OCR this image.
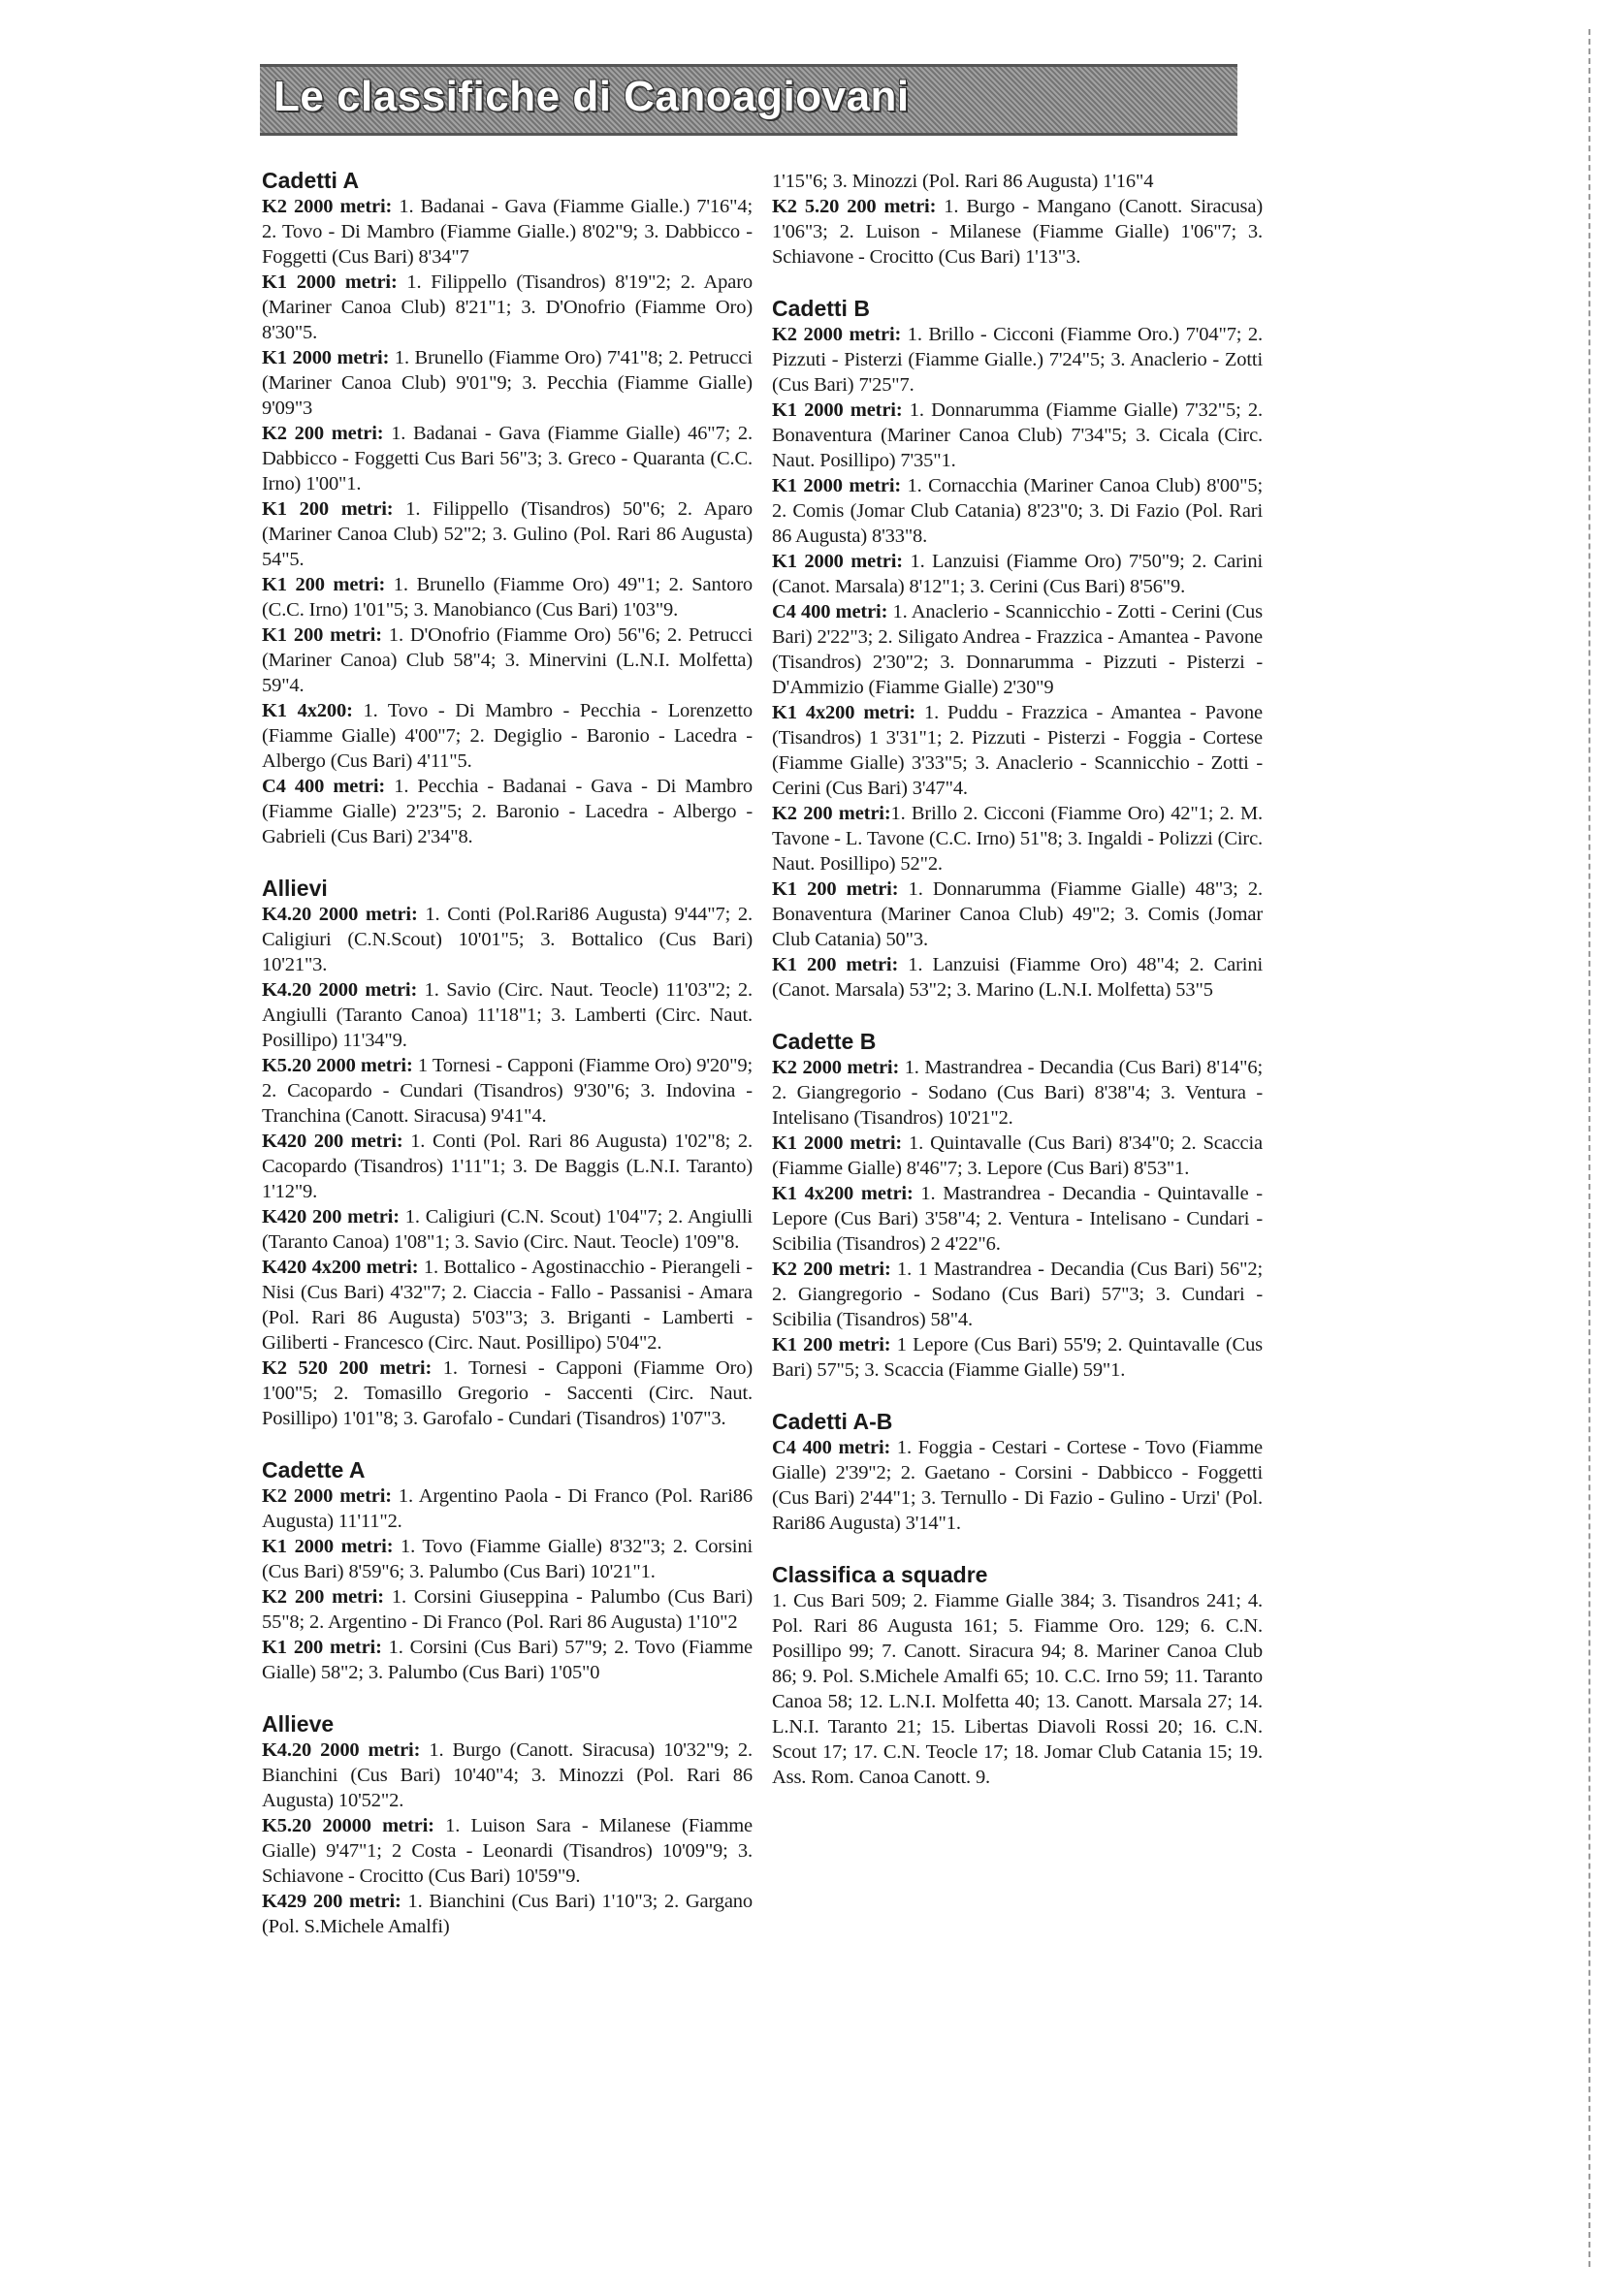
Le classifiche di Canoagiovani
Cadetti A

K2 2000 metri: 1. Badanai - Gava (Fiamme Gialle.) 7'16"4; 2. Tovo - Di Mambro (Fiamme Gialle.) 8'02"9; 3. Dabbicco - Foggetti (Cus Bari) 8'34"7

K1 2000 metri: 1. Filippello (Tisandros) 8'19"2; 2. Aparo (Mariner Canoa Club) 8'21"1; 3. D'Onofrio (Fiamme Oro) 8'30"5.

K1 2000 metri: 1. Brunello (Fiamme Oro) 7'41"8; 2. Petrucci (Mariner Canoa Club) 9'01"9; 3. Pecchia (Fiamme Gialle) 9'09"3

K2 200 metri: 1. Badanai - Gava (Fiamme Gialle) 46"7; 2. Dabbicco - Foggetti Cus Bari 56"3; 3. Greco - Quaranta (C.C. Irno) 1'00"1.

K1 200 metri: 1. Filippello (Tisandros) 50"6; 2. Aparo (Mariner Canoa Club) 52"2; 3. Gulino (Pol. Rari 86 Augusta) 54"5.

K1 200 metri: 1. Brunello (Fiamme Oro) 49"1; 2. Santoro (C.C. Irno) 1'01"5; 3. Manobianco (Cus Bari) 1'03"9.

K1 200 metri: 1. D'Onofrio (Fiamme Oro) 56"6; 2. Petrucci (Mariner Canoa) Club 58"4; 3. Minervini (L.N.I. Molfetta) 59"4.

K1 4x200: 1. Tovo - Di Mambro - Pecchia - Lorenzetto (Fiamme Gialle) 4'00"7; 2. Degiglio - Baronio - Lacedra - Albergo (Cus Bari) 4'11"5.

C4 400 metri: 1. Pecchia - Badanai - Gava - Di Mambro (Fiamme Gialle) 2'23"5; 2. Baronio - Lacedra - Albergo - Gabrieli (Cus Bari) 2'34"8.

Allievi

K4.20 2000 metri: 1. Conti (Pol.Rari86 Augusta) 9'44"7; 2. Caligiuri (C.N.Scout) 10'01"5; 3. Bottalico (Cus Bari) 10'21"3.

K4.20 2000 metri: 1. Savio (Circ. Naut. Teocle) 11'03"2; 2. Angiulli (Taranto Canoa) 11'18"1; 3. Lamberti (Circ. Naut. Posillipo) 11'34"9.

K5.20 2000 metri: 1 Tornesi - Capponi (Fiamme Oro) 9'20"9; 2. Cacopardo - Cundari (Tisandros) 9'30"6; 3. Indovina - Tranchina (Canott. Siracusa) 9'41"4.

K420 200 metri: 1. Conti (Pol. Rari 86 Augusta) 1'02"8; 2. Cacopardo (Tisandros) 1'11"1; 3. De Baggis (L.N.I. Taranto) 1'12"9.

K420 200 metri: 1. Caligiuri (C.N. Scout) 1'04"7; 2. Angiulli (Taranto Canoa) 1'08"1; 3. Savio (Circ. Naut. Teocle) 1'09"8.

K420 4x200 metri: 1. Bottalico - Agostinacchio - Pierangeli - Nisi (Cus Bari) 4'32"7; 2. Ciaccia - Fallo - Passanisi - Amara (Pol. Rari 86 Augusta) 5'03"3; 3. Briganti - Lamberti - Giliberti - Francesco (Circ. Naut. Posillipo) 5'04"2.

K2 520 200 metri: 1. Tornesi - Capponi (Fiamme Oro) 1'00"5; 2. Tomasillo Gregorio - Saccenti (Circ. Naut. Posillipo) 1'01"8; 3. Garofalo - Cundari (Tisandros) 1'07"3.

Cadette A

K2 2000 metri: 1. Argentino Paola - Di Franco (Pol. Rari86 Augusta) 11'11"2.

K1 2000 metri: 1. Tovo (Fiamme Gialle) 8'32"3; 2. Corsini (Cus Bari) 8'59"6; 3. Palumbo (Cus Bari) 10'21"1.

K2 200 metri: 1. Corsini Giuseppina - Palumbo (Cus Bari) 55"8; 2. Argentino - Di Franco (Pol. Rari 86 Augusta) 1'10"2

K1 200 metri: 1. Corsini (Cus Bari) 57"9; 2. Tovo (Fiamme Gialle) 58"2; 3. Palumbo (Cus Bari) 1'05"0

Allieve

K4.20 2000 metri: 1. Burgo (Canott. Siracusa) 10'32"9; 2. Bianchini (Cus Bari) 10'40"4; 3. Minozzi (Pol. Rari 86 Augusta) 10'52"2.

K5.20 20000 metri: 1. Luison Sara - Milanese (Fiamme Gialle) 9'47"1; 2 Costa - Leonardi (Tisandros) 10'09"9; 3. Schiavone - Crocitto (Cus Bari) 10'59"9.

K429 200 metri: 1. Bianchini (Cus Bari) 1'10"3; 2. Gargano (Pol. S.Michele Amalfi)

1'15"6; 3. Minozzi (Pol. Rari 86 Augusta) 1'16"4

K2 5.20 200 metri: 1. Burgo - Mangano (Canott. Siracusa) 1'06"3; 2. Luison - Milanese (Fiamme Gialle) 1'06"7; 3. Schiavone - Crocitto (Cus Bari) 1'13"3.

Cadetti B

K2 2000 metri: 1. Brillo - Cicconi (Fiamme Oro.) 7'04"7; 2. Pizzuti - Pisterzi (Fiamme Gialle.) 7'24"5; 3. Anaclerio - Zotti (Cus Bari) 7'25"7.

K1 2000 metri: 1. Donnarumma (Fiamme Gialle) 7'32"5; 2. Bonaventura (Mariner Canoa Club) 7'34"5; 3. Cicala (Circ. Naut. Posillipo) 7'35"1.

K1 2000 metri: 1. Cornacchia (Mariner Canoa Club) 8'00"5; 2. Comis (Jomar Club Catania) 8'23"0; 3. Di Fazio (Pol. Rari 86 Augusta) 8'33"8.

K1 2000 metri: 1. Lanzuisi (Fiamme Oro) 7'50"9; 2. Carini (Canot. Marsala) 8'12"1; 3. Cerini (Cus Bari) 8'56"9.

C4 400 metri: 1. Anaclerio - Scannicchio - Zotti - Cerini (Cus Bari) 2'22"3; 2. Siligato Andrea - Frazzica - Amantea - Pavone (Tisandros) 2'30"2; 3. Donnarumma - Pizzuti - Pisterzi - D'Ammizio (Fiamme Gialle) 2'30"9

K1 4x200 metri: 1. Puddu - Frazzica - Amantea - Pavone (Tisandros) 1 3'31"1; 2. Pizzuti - Pisterzi - Foggia - Cortese (Fiamme Gialle) 3'33"5; 3. Anaclerio - Scannicchio - Zotti - Cerini (Cus Bari) 3'47"4.

K2 200 metri:1. Brillo 2. Cicconi (Fiamme Oro) 42"1; 2. M. Tavone - L. Tavone (C.C. Irno) 51"8; 3. Ingaldi - Polizzi (Circ. Naut. Posillipo) 52"2.

K1 200 metri: 1. Donnarumma (Fiamme Gialle) 48"3; 2. Bonaventura (Mariner Canoa Club) 49"2; 3. Comis (Jomar Club Catania) 50"3.

K1 200 metri: 1. Lanzuisi (Fiamme Oro) 48"4; 2. Carini (Canot. Marsala) 53"2; 3. Marino (L.N.I. Molfetta) 53"5

Cadette B

K2 2000 metri: 1. Mastrandrea - Decandia (Cus Bari) 8'14"6; 2. Giangregorio - Sodano (Cus Bari) 8'38"4; 3. Ventura - Intelisano (Tisandros) 10'21"2.

K1 2000 metri: 1. Quintavalle (Cus Bari) 8'34"0; 2. Scaccia (Fiamme Gialle) 8'46"7; 3. Lepore (Cus Bari) 8'53"1.

K1 4x200 metri: 1. Mastrandrea - Decandia - Quintavalle - Lepore (Cus Bari) 3'58"4; 2. Ventura - Intelisano - Cundari - Scibilia (Tisandros) 2 4'22"6.

K2 200 metri: 1. 1 Mastrandrea - Decandia (Cus Bari) 56"2; 2. Giangregorio - Sodano (Cus Bari) 57"3; 3. Cundari - Scibilia (Tisandros) 58"4.

K1 200 metri: 1 Lepore (Cus Bari) 55'9; 2. Quintavalle (Cus Bari) 57"5; 3. Scaccia (Fiamme Gialle) 59"1.

Cadetti A-B

C4 400 metri: 1. Foggia - Cestari - Cortese - Tovo (Fiamme Gialle) 2'39"2; 2. Gaetano - Corsini - Dabbicco - Foggetti (Cus Bari) 2'44"1; 3. Ternullo - Di Fazio - Gulino - Urzi' (Pol. Rari86 Augusta) 3'14"1.

Classifica a squadre

1. Cus Bari 509; 2. Fiamme Gialle 384; 3. Tisandros 241; 4. Pol. Rari 86 Augusta 161; 5. Fiamme Oro. 129; 6. C.N. Posillipo 99; 7. Canott. Siracura 94; 8. Mariner Canoa Club 86; 9. Pol. S.Michele Amalfi 65; 10. C.C. Irno 59; 11. Taranto Canoa 58; 12. L.N.I. Molfetta 40; 13. Canott. Marsala 27; 14. L.N.I. Taranto 21; 15. Libertas Diavoli Rossi 20; 16. C.N. Scout 17; 17. C.N. Teocle 17; 18. Jomar Club Catania 15; 19. Ass. Rom. Canoa Canott. 9.
